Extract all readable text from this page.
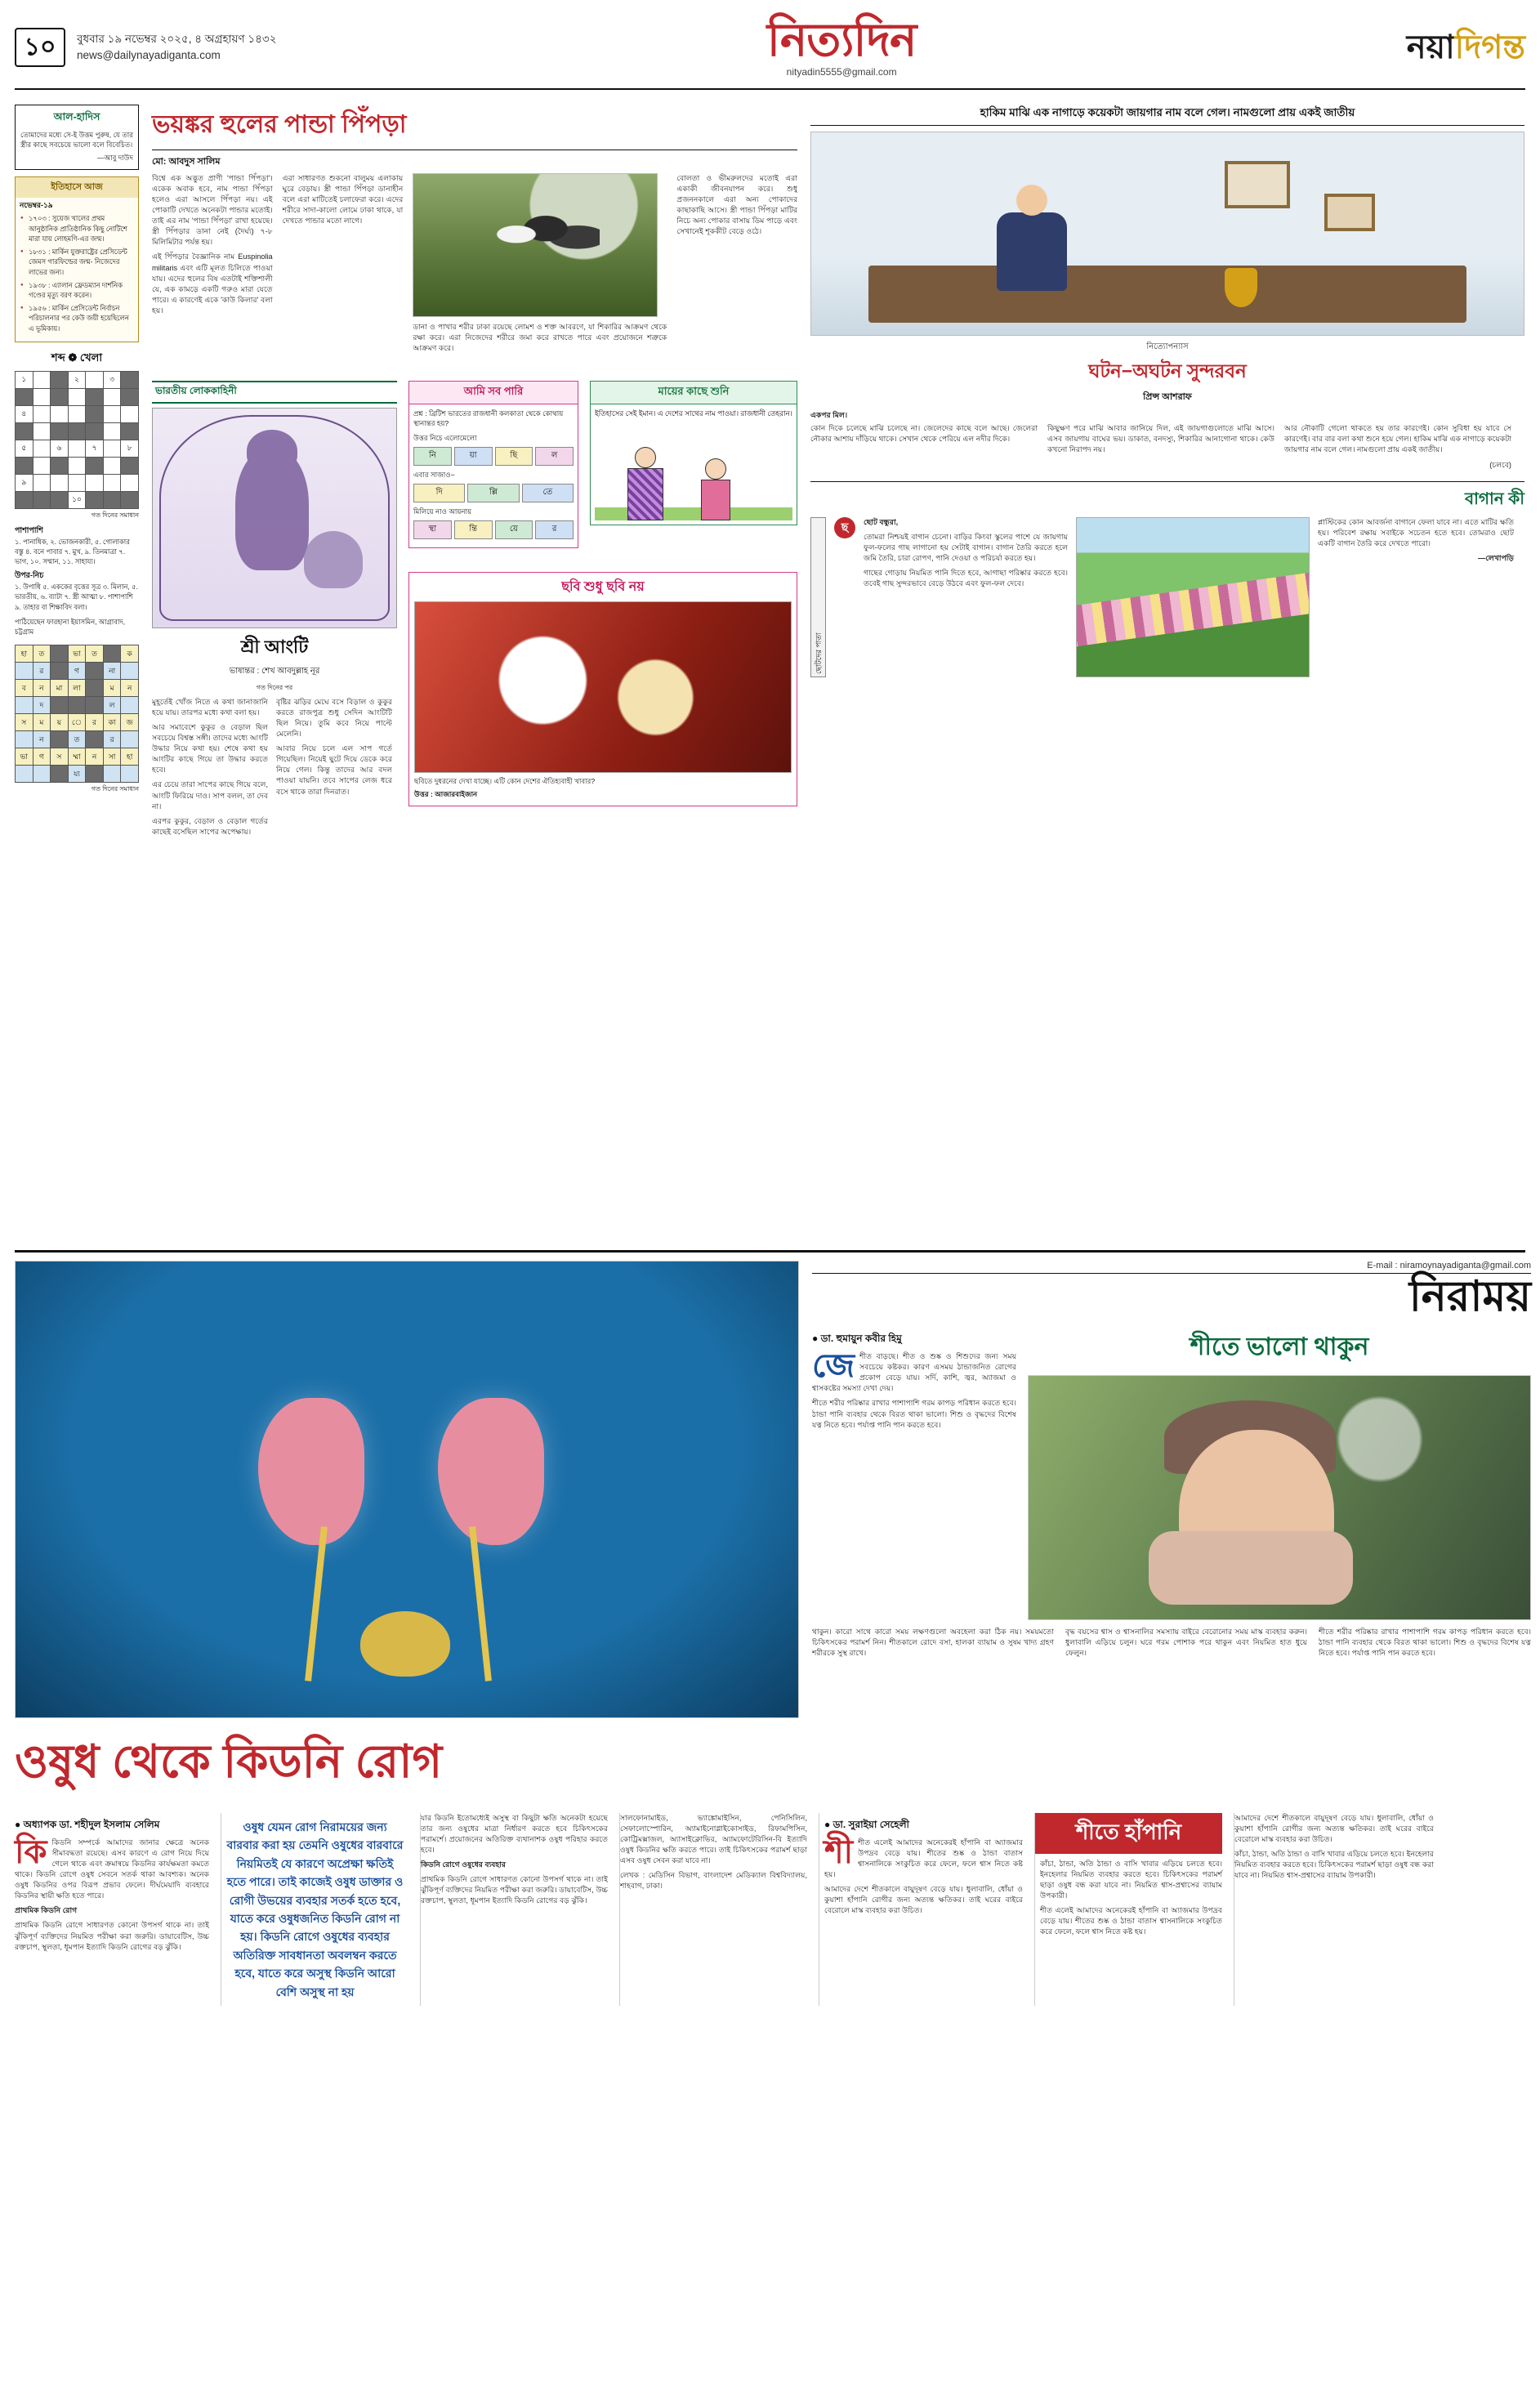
১০	বুধবার ১৯ নভেম্বর ২০২৫, ৪ অগ্রহায়ণ ১৪৩২
news@dailynayadiganta.com	নিত্যদিন
nityadin5555@gmail.com
নয়াদিগন্ত
আল-হাদিস
তোমাদের মধ্যে সে-ই উত্তম পুরুষ, যে তার স্ত্রীর কাছে সবচেয়ে ভালো বলে বিবেচিত।
—আবু দাউদ
ইতিহাসে আজ
নভেম্বর-১৯
● ১৭০৩ : সুয়েজ খালের প্রথম আনুষ্ঠানিক প্রাতিষ্ঠানিক কিছু নোটিশে মারা যায় লোহমণি-এর জন্ম।
● ১৮৩১ : মার্কিন যুক্তরাষ্ট্রের প্রেসিডেন্ট জেমস গারফিল্ডের জন্ম- নিজেদের লাভের জন্য।
● ১৯৩৮ : এ্যালান ফ্রেডম্যান দার্শনিক গণ্ডের মৃত্যু বরণ করেন।
● ১৯৫৬ : মার্কিন প্রেসিডেন্ট নির্বাচন পরিচালনার পর কেউ জয়ী হয়েছিলেন এ ভূমিকায়।
শব্দ ❁ খেলা
১			২		৩	

৪						

৫		৬		৭		৮

৯						
			১০			
গত দিনের সমাধান
পাশাপাশি
১. পানাধিক, ২. ভোজনকারী, ৫. গোলাকার বস্তু ৪. বনে পাবার ৭. মুখ, ৯. তিনমাত্রা ৭. ভাগ, ১০. সম্মান, ১১. সাহায্য।
উপর-নিচ
১. উপাধি ৫. এককের বৃত্তের সূত্র ৩. মিলান, ৫. ভারতীয়, ৬. ব্যাটা ৭. স্ত্রী আত্মা ৮. পাশাপাশি ৯. তাহার বা শিক্ষাবিদ বলা।
পাঠিয়েছেন ফারহানা ইয়াসমিন, আগ্রাবাদ, চট্টগ্রাম
হা	ত		ভা	ত		ক
	র		গ		না	
ব	ন	মা	লা		ম	ন
	দ				ল	
স	ম	য়	ে	র	কা	জ
	ন		ত		র	
ভা	গ	স	ম্মা	ন	সা	হা
			য্য			
গত দিনের সমাধান
ভয়ঙ্কর হুলের পান্ডা পিঁপড়া
মো: আবদুস সালিম

বিশ্বে এক অদ্ভুত প্রাণী 'পান্ডা পিঁপড়া'। একেক অবাক হবে, নাম পান্ডা পিঁপড়া হলেও এরা আসলে পিঁপড়া নয়। এই পোকাটি দেখতে অনেকটা পান্ডার মতোই। তাই এর নাম 'পান্ডা পিঁপড়া' রাখা হয়েছে। স্ত্রী পিঁপড়ার ডানা নেই (দৈর্ঘ্য) ৭-৮ মিলিমিটার পর্যন্ত হয়।

এই পিঁপড়ার বৈজ্ঞানিক নাম Euspinolia militaris এবং এটি মূলত চিলিতে পাওয়া যায়। এদের হুলের বিষ এতটাই শক্তিশালী যে, এক কামড়ে একটি গরুও মারা যেতে পারে। এ কারণেই একে 'কাউ কিলার' বলা হয়।

এরা সাধারণত শুকনো বালুময় এলাকায় ঘুরে বেড়ায়। স্ত্রী পান্ডা পিঁপড়া ডানাহীন বলে এরা মাটিতেই চলাফেরা করে। এদের শরীরে সাদা-কালো লোমে ঢাকা থাকে, যা দেখতে পান্ডার মতো লাগে।

ডানা ও পাখার শরীর ঢাকা রয়েছে লোমশ ও শক্ত আবরণে, যা শিকারির আক্রমণ থেকে রক্ষা করে। এরা নিজেদের শরীরে জমা করে রাখতে পারে এবং প্রয়োজনে শত্রুকে আক্রমণ করে।

বোলতা ও ভীমরুলদের মতোই এরা একাকী জীবনযাপন করে। শুধু প্রজননকালে এরা অন্য পোকাদের কাছাকাছি আসে। স্ত্রী পান্ডা পিঁপড়া মাটির নিচে অন্য পোকার বাসায় ডিম পাড়ে এবং সেখানেই শূককীট বেড়ে ওঠে।

ভারতীয় লোককাহিনী
শ্রী আংটি
ভাষান্তর : শেখ আবদুল্লাহ নূর
গত দিনের পর

মুহূর্তেই খোঁজ নিতে এ কথা জানাজানি হয়ে যায়। তারপর মধ্যে কথা বলা হয়।

আর সমাবেশে কুকুর ও বেড়াল ছিল সবচেয়ে বিশ্বস্ত সঙ্গী। তাদের মধ্যে আংটি উদ্ধার নিয়ে কথা হয়। শেষে কথা হয় আংটির কাছে গিয়ে তা উদ্ধার করতে হবে।

এর চেয়ে তারা সাপের কাছে গিয়ে বলে, আংটি ফিরিয়ে দাও। সাপ বলল, তা দেব না।

এরপর কুকুর, বেড়াল ও বেড়াল গর্তের কাছেই বসেছিল সাপের অপেক্ষায়।

বৃষ্টির ঝড়ির মেঘে বসে বিড়াল ও কুকুর করতে রাজপুত্র শুধু সেদিন আংটিটি ছিল নিয়ে। তুমি কবে নিয়ে পাল্টে মেলেনি।

আবার নিয়ে চলে এল সাপ গর্তে গিয়েছিল। নিয়েই ছুটে দিয়ে ডেকে করে নিয়ে গেল। কিন্তু তাদের আর বদল পাওয়া যায়নি। তবে সাপের লেজ ধরে বসে থাকে তারা দিনরাত।

আমি সব পারি
প্রশ্ন : ব্রিটিশ ভারতের রাজধানী কলকাতা থেকে কোথায় স্থানান্তর হয়?
উত্তর নিচে এলোমেলো
নি	য়া	ছি	ল
এবার সাজাও−
দি	ল্লি	তে
মিলিয়ে নাও আয়নায়
স্থা	ন্তি	য়ে	র
মায়ের কাছে শুনি
ইতিহাসের সেই ইমান। এ দেশের সাথের নাম পাওয়া। রাজধানী তেহরান।
ছবি শুধু ছবি নয়
ছবিতে দুধরনের দেখা যাচ্ছে। এটি কোন দেশের ঐতিহ্যবাহী খাবার?
উত্তর : আজারবাইজান
হাকিম মাঝি এক নাগাড়ে কয়েকটা জায়গার নাম বলে গেল। নামগুলো প্রায় একই জাতীয়
নিত্যোপন্যাস
ঘটন−অঘটন সুন্দরবন
প্রিন্স আশরাফ
একপর মিল।

কোন দিকে চলেছে মাঝি চলেছে না। জেলেদের কাছে বলে আছে। জেলেরা নৌকার আশায় দাঁড়িয়ে থাকে। সেখান থেকে পেরিয়ে এল নদীর দিকে।

কিছুক্ষণ পরে মাঝি আবার জানিয়ে দিল, এই জায়গাগুলোতে মাঝি আসে। এসব জায়গায় বাঘের ভয়। ডাকাত, বনদস্যু, শিকারির আনাগোনা থাকে। কেউ কখনো নিরাপদ নয়।

আর নৌকাটি গেলো থাকতে হয় তার কারণেই। কোন সুবিধা হয় যাবে সে কারণেই। বার বার বলা কথা শুনে হয়ে গেল। হাকিম মাঝি এক নাগাড়ে কয়েকটা জায়গার নাম বলে গেল। নামগুলো প্রায় একই জাতীয়।

(চলবে)

বাগান কী
ছোটদের পাতা
ছ	ছোট বন্ধুরা,

তোমরা নিশ্চয়ই বাগান চেনো। বাড়ির কিংবা স্কুলের পাশে যে জায়গায় ফুল-ফলের গাছ লাগানো হয় সেটাই বাগান। বাগান তৈরি করতে হলে জমি তৈরি, চারা রোপণ, পানি দেওয়া ও পরিচর্যা করতে হয়।

গাছের গোড়ায় নিয়মিত পানি দিতে হবে, আগাছা পরিষ্কার করতে হবে। তবেই গাছ সুন্দরভাবে বেড়ে উঠবে এবং ফুল-ফল দেবে।

প্লাস্টিকের কোন আবর্জনা বাগানে ফেলা যাবে না। এতে মাটির ক্ষতি হয়। পরিবেশ রক্ষায় সবাইকে সচেতন হতে হবে। তোমরাও ছোট একটি বাগান তৈরি করে দেখতে পারো।

—লেখাপড়ি

ওষুধ থেকে কিডনি রোগ
E-mail : niramoynayadiganta@gmail.com
নিরাময়
● ডা. হুমায়ুন কবীর হিমু

জেশীত বাড়ছে। শীত ও শুষ্ক ও শিশুদের জন্য সময় সবচেয়ে কষ্টকর। কারণ এসময় ঠান্ডাজনিত রোগের প্রকোপ বেড়ে যায়। সর্দি, কাশি, জ্বর, অ্যাজমা ও শ্বাসকষ্টের সমস্যা দেখা দেয়।

শীতে শরীর পরিষ্কার রাখার পাশাপাশি গরম কাপড় পরিধান করতে হবে। ঠান্ডা পানি ব্যবহার থেকে বিরত থাকা ভালো। শিশু ও বৃদ্ধদের বিশেষ যত্ন নিতে হবে। পর্যাপ্ত পানি পান করতে হবে।

শীতে ভালো থাকুন

থাকুন। কারো সাথে কারো সময় লক্ষণগুলো অবহেলা করা ঠিক নয়। সময়মতো চিকিৎসকের পরামর্শ নিন। শীতকালে রোদে বসা, হালকা ব্যায়াম ও সুষম খাদ্য গ্রহণ শরীরকে সুস্থ রাখে।

বৃদ্ধ বয়সের শ্বাস ও শ্বাসনালির সমস্যায় বাইরে বেরোনোর সময় মাস্ক ব্যবহার করুন। ধুলাবালি এড়িয়ে চলুন। ঘরে গরম পোশাক পরে থাকুন এবং নিয়মিত হাত ধুয়ে ফেলুন।

শীতে শরীর পরিষ্কার রাখার পাশাপাশি গরম কাপড় পরিধান করতে হবে। ঠান্ডা পানি ব্যবহার থেকে বিরত থাকা ভালো। শিশু ও বৃদ্ধদের বিশেষ যত্ন নিতে হবে। পর্যাপ্ত পানি পান করতে হবে।

● অধ্যাপক ডা. শহীদুল ইসলাম সেলিম

কিকিডনি সম্পর্কে আমাদের জানার ক্ষেত্রে অনেক সীমাবদ্ধতা রয়েছে। এসব কারণে এ রোগ নিয়ে দিয়ে গেলে থাকে এবং ক্রমান্বয়ে কিডনির কার্যক্ষমতা কমতে থাকে। কিডনি রোগে ওষুধ সেবনে সতর্ক থাকা আবশ্যক। অনেক ওষুধ কিডনির ওপর বিরূপ প্রভাব ফেলে। দীর্ঘমেয়াদি ব্যবহারে কিডনির স্থায়ী ক্ষতি হতে পারে।

প্রাথমিক কিডনি রোগ

প্রাথমিক কিডনি রোগে সাধারণত কোনো উপসর্গ থাকে না। তাই ঝুঁকিপূর্ণ ব্যক্তিদের নিয়মিত পরীক্ষা করা জরুরি। ডায়াবেটিস, উচ্চ রক্তচাপ, স্থূলতা, ধূমপান ইত্যাদি কিডনি রোগের বড় ঝুঁকি।

ওষুধ যেমন রোগ নিরাময়ের জন্য বারবার করা হয় তেমনি ওষুধের বারবারে নিয়মিতই যে কারণে অপ্রেক্ষা ক্ষতিই হতে পারে। তাই কাজেই ওষুধ ডাক্তার ও রোগী উভয়ের ব্যবহার সতর্ক হতে হবে, যাতে করে ওষুধজনিত কিডনি রোগ না হয়। কিডনি রোগে ওষুধের ব্যবহার অতিরিক্ত সাবধানতা অবলম্বন করতে হবে, যাতে করে অসুস্থ কিডনি আরো বেশি অসুস্থ না হয়

যার কিডনি ইতোমধ্যেই অসুস্থ বা কিছুটা ক্ষতি অনেকটা হয়েছে তার জন্য ওষুধের মাত্রা নির্ধারণ করতে হবে চিকিৎসকের পরামর্শে। প্রয়োজনের অতিরিক্ত ব্যথানাশক ওষুধ পরিহার করতে হবে।

কিডনি রোগে ওষুধের ব্যবহার

প্রাথমিক কিডনি রোগে সাধারণত কোনো উপসর্গ থাকে না। তাই ঝুঁকিপূর্ণ ব্যক্তিদের নিয়মিত পরীক্ষা করা জরুরি। ডায়াবেটিস, উচ্চ রক্তচাপ, স্থূলতা, ধূমপান ইত্যাদি কিডনি রোগের বড় ঝুঁকি।

সালফোনামাইড, ভ্যাঙ্কোমাইসিন, পেনিসিলিন, সেফালোস্পোরিন, অ্যামাইনোগ্লাইকোসাইড, রিফামপিসিন, কোট্রিমক্সাজল, অ্যাসাইক্লোভির, অ্যামফোটেরিসিন-বি ইত্যাদি ওষুধ কিডনির ক্ষতি করতে পারে। তাই চিকিৎসকের পরামর্শ ছাড়া এসব ওষুধ সেবন করা যাবে না।

লেখক : মেডিসিন বিভাগ, বাংলাদেশ মেডিক্যাল বিশ্ববিদ্যালয়, শাহবাগ, ঢাকা।

● ডা. সুরাইয়া সেহেলী

শীশীত এলেই আমাদের অনেকেরই হাঁপানি বা অ্যাজমার উপদ্রব বেড়ে যায়। শীতের শুষ্ক ও ঠান্ডা বাতাস শ্বাসনালিকে সংকুচিত করে ফেলে, ফলে শ্বাস নিতে কষ্ট হয়।

আমাদের দেশে শীতকালে বায়ুদূষণ বেড়ে যায়। ধুলাবালি, ধোঁয়া ও কুয়াশা হাঁপানি রোগীর জন্য অত্যন্ত ক্ষতিকর। তাই ঘরের বাইরে বেরোলে মাস্ক ব্যবহার করা উচিত।

শীতে হাঁপানি

কাঁচা, ঠান্ডা, অতি ঠান্ডা ও বাসি খাবার এড়িয়ে চলতে হবে। ইনহেলার নিয়মিত ব্যবহার করতে হবে। চিকিৎসকের পরামর্শ ছাড়া ওষুধ বন্ধ করা যাবে না। নিয়মিত শ্বাস-প্রশ্বাসের ব্যায়াম উপকারী।

শীত এলেই আমাদের অনেকেরই হাঁপানি বা অ্যাজমার উপদ্রব বেড়ে যায়। শীতের শুষ্ক ও ঠান্ডা বাতাস শ্বাসনালিকে সংকুচিত করে ফেলে, ফলে শ্বাস নিতে কষ্ট হয়।

আমাদের দেশে শীতকালে বায়ুদূষণ বেড়ে যায়। ধুলাবালি, ধোঁয়া ও কুয়াশা হাঁপানি রোগীর জন্য অত্যন্ত ক্ষতিকর। তাই ঘরের বাইরে বেরোলে মাস্ক ব্যবহার করা উচিত।

কাঁচা, ঠান্ডা, অতি ঠান্ডা ও বাসি খাবার এড়িয়ে চলতে হবে। ইনহেলার নিয়মিত ব্যবহার করতে হবে। চিকিৎসকের পরামর্শ ছাড়া ওষুধ বন্ধ করা যাবে না। নিয়মিত শ্বাস-প্রশ্বাসের ব্যায়াম উপকারী।
